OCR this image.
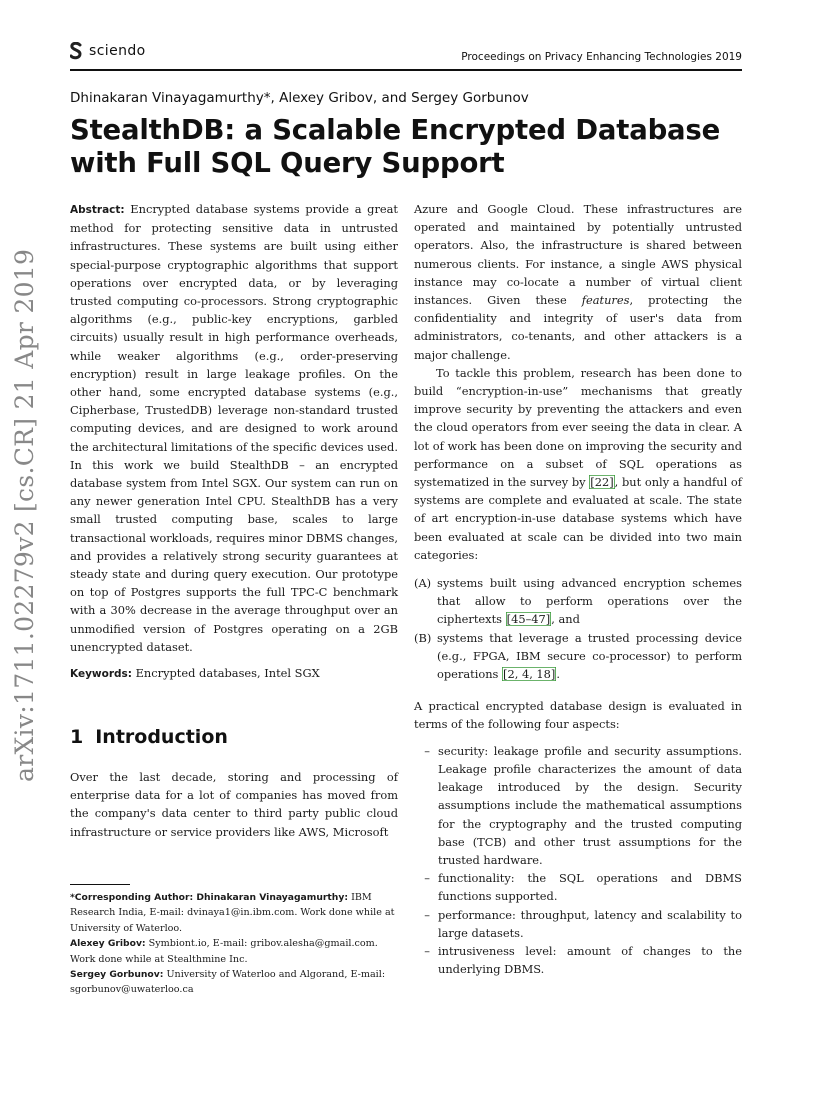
sciendo	Proceedings on Privacy Enhancing Technologies 2019
Dhinakaran Vinayagamurthy*, Alexey Gribov, and Sergey Gorbunov
StealthDB: a Scalable Encrypted Database with Full SQL Query Support
arXiv:1711.02279v2 [cs.CR] 21 Apr 2019

Abstract: Encrypted database systems provide a great method for protecting sensitive data in untrusted infrastructures. These systems are built using either special-purpose cryptographic algorithms that support operations over encrypted data, or by leveraging trusted computing co-processors. Strong cryptographic algorithms (e.g., public-key encryptions, garbled circuits) usually result in high performance overheads, while weaker algorithms (e.g., order-preserving encryption) result in large leakage profiles. On the other hand, some encrypted database systems (e.g., Cipherbase, TrustedDB) leverage non-standard trusted computing devices, and are designed to work around the architectural limitations of the specific devices used.

In this work we build StealthDB – an encrypted database system from Intel SGX. Our system can run on any newer generation Intel CPU. StealthDB has a very small trusted computing base, scales to large transactional workloads, requires minor DBMS changes, and provides a relatively strong security guarantees at steady state and during query execution. Our prototype on top of Postgres supports the full TPC-C benchmark with a 30% decrease in the average throughput over an unmodified version of Postgres operating on a 2GB unencrypted dataset.

Keywords: Encrypted databases, Intel SGX

1 Introduction
Over the last decade, storing and processing of enterprise data for a lot of companies has moved from the company's data center to third party public cloud infrastructure or service providers like AWS, Microsoft

*Corresponding Author: Dhinakaran Vinayagamurthy: IBM Research India, E-mail: dvinaya1@in.ibm.com. Work done while at University of Waterloo.

Alexey Gribov: Symbiont.io, E-mail: gribov.alesha@gmail.com. Work done while at Stealthmine Inc.

Sergey Gorbunov: University of Waterloo and Algorand, E-mail: sgorbunov@uwaterloo.ca

Azure and Google Cloud. These infrastructures are operated and maintained by potentially untrusted operators. Also, the infrastructure is shared between numerous clients. For instance, a single AWS physical instance may co-locate a number of virtual client instances. Given these features, protecting the confidentiality and integrity of user's data from administrators, co-tenants, and other attackers is a major challenge.

To tackle this problem, research has been done to build “encryption-in-use” mechanisms that greatly improve security by preventing the attackers and even the cloud operators from ever seeing the data in clear. A lot of work has been done on improving the security and performance on a subset of SQL operations as systematized in the survey by [22], but only a handful of systems are complete and evaluated at scale. The state of art encryption-in-use database systems which have been evaluated at scale can be divided into two main categories:

(A) systems built using advanced encryption schemes that allow to perform operations over the ciphertexts [45–47], and
(B) systems that leverage a trusted processing device (e.g., FPGA, IBM secure co-processor) to perform operations [2, 4, 18].

A practical encrypted database design is evaluated in terms of the following four aspects:

– security: leakage profile and security assumptions. Leakage profile characterizes the amount of data leakage introduced by the design. Security assumptions include the mathematical assumptions for the cryptography and the trusted computing base (TCB) and other trust assumptions for the trusted hardware.
– functionality: the SQL operations and DBMS functions supported.
– performance: throughput, latency and scalability to large datasets.
– intrusiveness level: amount of changes to the underlying DBMS.
